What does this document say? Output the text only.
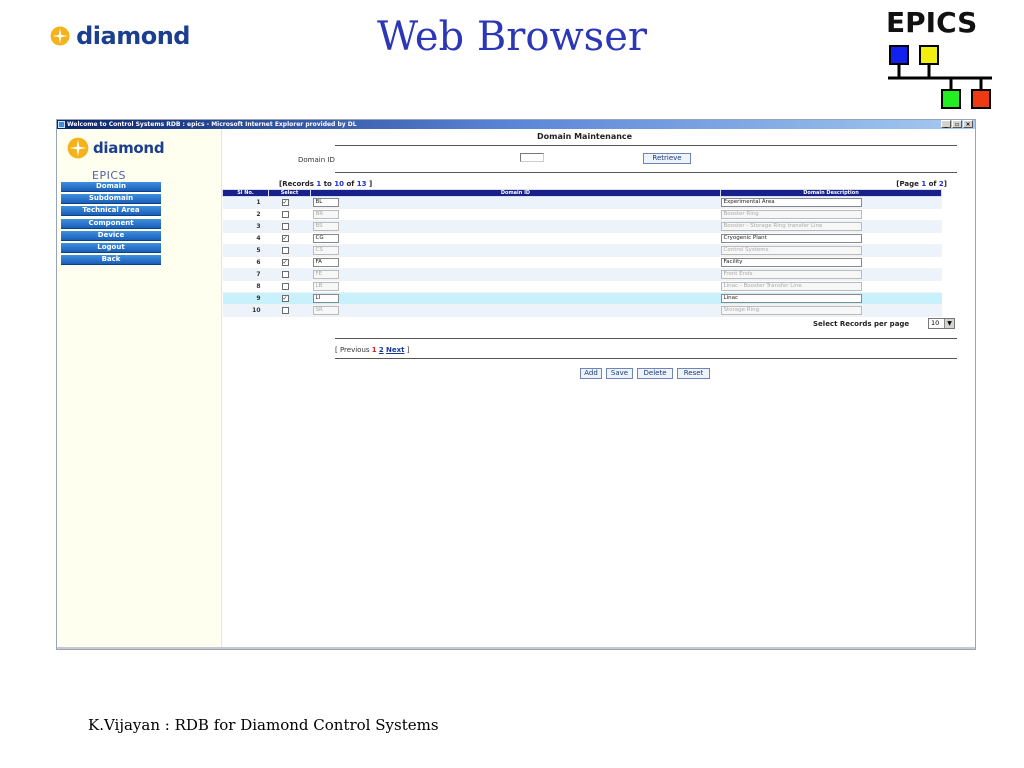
diamond	Web Browser	EPICS
Welcome to Control Systems RDB : epics - Microsoft Internet Explorer provided by DL	_	▫	×
diamond
EPICS
Domain
Subdomain
Technical Area
Component
Device
Logout
Back
Domain Maintenance
Domain ID	Retrieve
[Records 1 to 10 of 13 ]	[Page 1 of 2]
Sl No.	Select	Domain ID	Domain Description
1	✓	BL	Experimental Area

2		BR	Booster Ring

3		BS	Booster - Storage Ring transfer Line

4	✓	CG	Cryogenic Plant

5		CS	Control Systems

6	✓	FA	Facility

7		FE	Front Ends

8		LB	Linac - Booster Transfer Line

9	✓	LI	Linac

10		SR	Storage Ring
Select Records per page	10	▼
[ Previous 1 2 Next ]
Add	Save	Delete	Reset
K.Vijayan : RDB for Diamond Control Systems
